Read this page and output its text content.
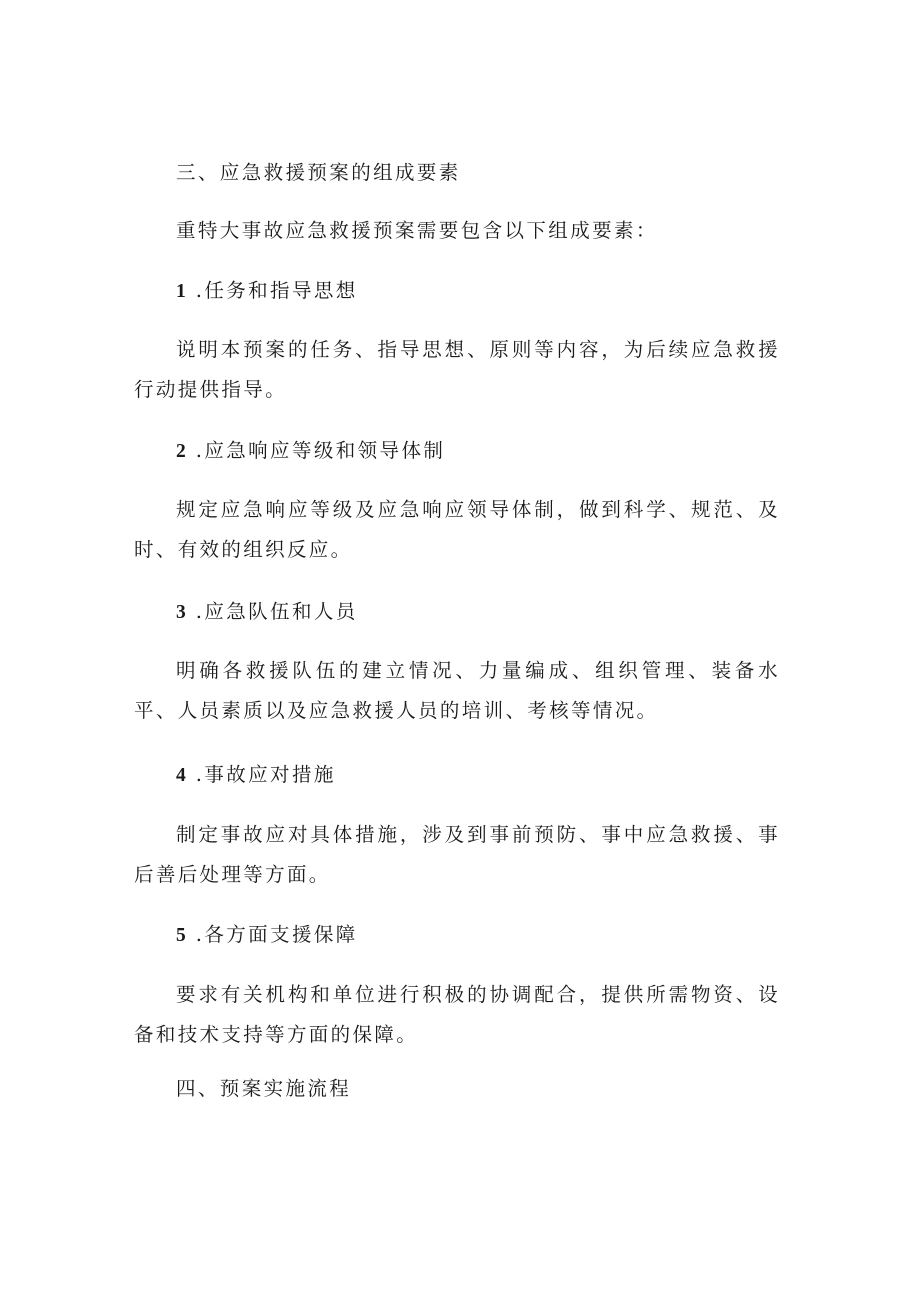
三、应急救援预案的组成要素
重特大事故应急救援预案需要包含以下组成要素：
1 .任务和指导思想
说明本预案的任务、指导思想、原则等内容，为后续应急救援行动提供指导。
2 .应急响应等级和领导体制
规定应急响应等级及应急响应领导体制，做到科学、规范、及时、有效的组织反应。
3 .应急队伍和人员
明确各救援队伍的建立情况、力量编成、组织管理、装备水平、人员素质以及应急救援人员的培训、考核等情况。
4 .事故应对措施
制定事故应对具体措施，涉及到事前预防、事中应急救援、事后善后处理等方面。
5 .各方面支援保障
要求有关机构和单位进行积极的协调配合，提供所需物资、设备和技术支持等方面的保障。
四、预案实施流程
